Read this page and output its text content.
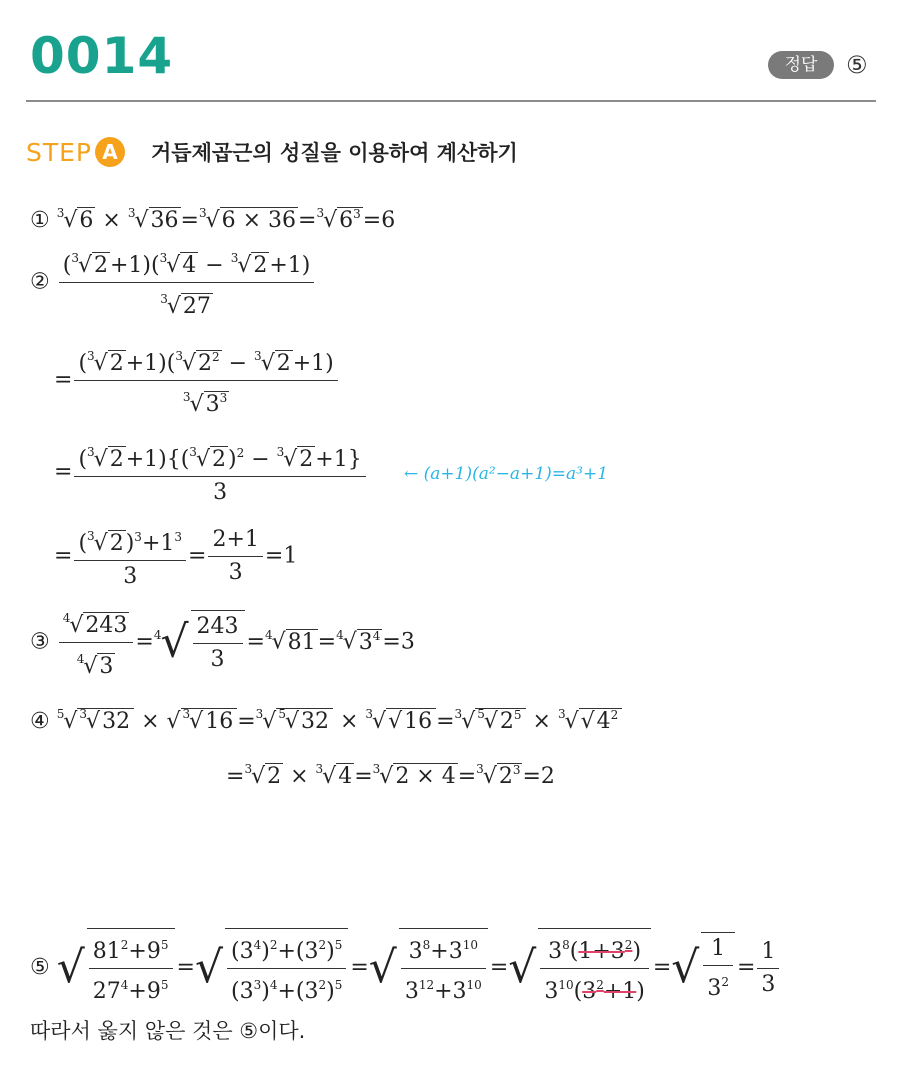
0014	정답	⑤
STEP A	거듭제곱근의 성질을 이용하여 계산하기
① $^3√6 \times ^3√36=^3√6 \times 36=^3√6^3=6$
② $\frac{(^3√2+1)(^3√4 - ^3√2+1)}{^3√27}$
= $\frac{(^3√2+1)(^3√2^2 - ^3√2+1)}{^3√3^3}$
= $\frac{(^3√2+1)\{(^3√2)^2 - ^3√2+1\}}{3}$ ← (a+1)(a²−a+1)=a³+1
= $\frac{(^3√2)^3+1^3}{3} = \frac{2+1}{3} =1$
③ $\frac{^4√243}{^4√3} =^4√ \frac{243}{3} =^4√81=^4√3^4=3$
④ $^5$√ $^3$√32 × √ $^3$√16 =$^3$√ $^5$√32 × $^3$√√16 =$^3$√ $^5√2^5 \times ^3√√4^2$
$=^3√2 \times ^3√4=^3√2 \times 4=^3√2^3=2$
⑤ √ $\frac{81^2+9^5}{27^4+9^5}$ =√ $\frac{(3^4)^2+(3^2)^5}{(3^3)^4+(3^2)^5}$ =√ $\frac{3^8+3^{10}}{3^{12}+3^{10}}$ =√ $\frac{3^8(1+3^2)}{3^{10}(3^2+1)}$ =√ $\frac{1}{3^2} = \frac{1}{3}$
따라서 옳지 않은 것은 ⑤이다.
